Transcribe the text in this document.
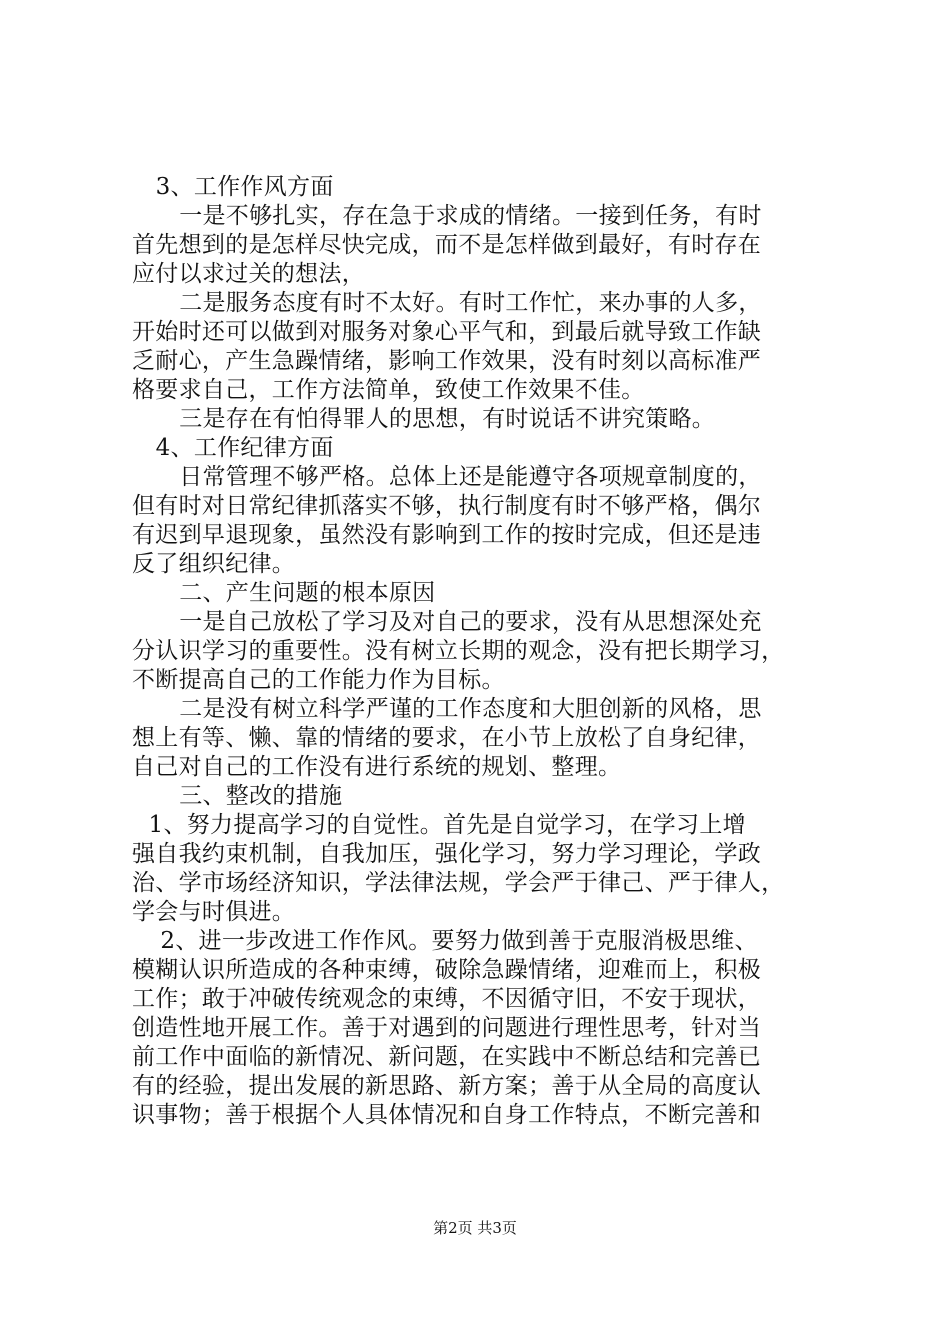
3、工作作风方面
一是不够扎实，存在急于求成的情绪。一接到任务，有时
首先想到的是怎样尽快完成，而不是怎样做到最好，有时存在
应付以求过关的想法，
二是服务态度有时不太好。有时工作忙，来办事的人多，
开始时还可以做到对服务对象心平气和，到最后就导致工作缺
乏耐心，产生急躁情绪，影响工作效果，没有时刻以高标准严
格要求自己，工作方法简单，致使工作效果不佳。
三是存在有怕得罪人的思想，有时说话不讲究策略。
4、工作纪律方面
日常管理不够严格。总体上还是能遵守各项规章制度的，
但有时对日常纪律抓落实不够，执行制度有时不够严格，偶尔
有迟到早退现象，虽然没有影响到工作的按时完成，但还是违
反了组织纪律。
二、产生问题的根本原因
一是自己放松了学习及对自己的要求，没有从思想深处充
分认识学习的重要性。没有树立长期的观念，没有把长期学习，
不断提高自己的工作能力作为目标。
二是没有树立科学严谨的工作态度和大胆创新的风格，思
想上有等、懒、靠的情绪的要求，在小节上放松了自身纪律，
自己对自己的工作没有进行系统的规划、整理。
三、整改的措施
1、努力提高学习的自觉性。首先是自觉学习，在学习上增
强自我约束机制，自我加压，强化学习，努力学习理论，学政
治、学市场经济知识，学法律法规，学会严于律己、严于律人，
学会与时俱进。
2、进一步改进工作作风。要努力做到善于克服消极思维、
模糊认识所造成的各种束缚，破除急躁情绪，迎难而上，积极
工作；敢于冲破传统观念的束缚，不因循守旧，不安于现状，
创造性地开展工作。善于对遇到的问题进行理性思考，针对当
前工作中面临的新情况、新问题，在实践中不断总结和完善已
有的经验，提出发展的新思路、新方案；善于从全局的高度认
识事物；善于根据个人具体情况和自身工作特点，不断完善和
第2页 共3页
